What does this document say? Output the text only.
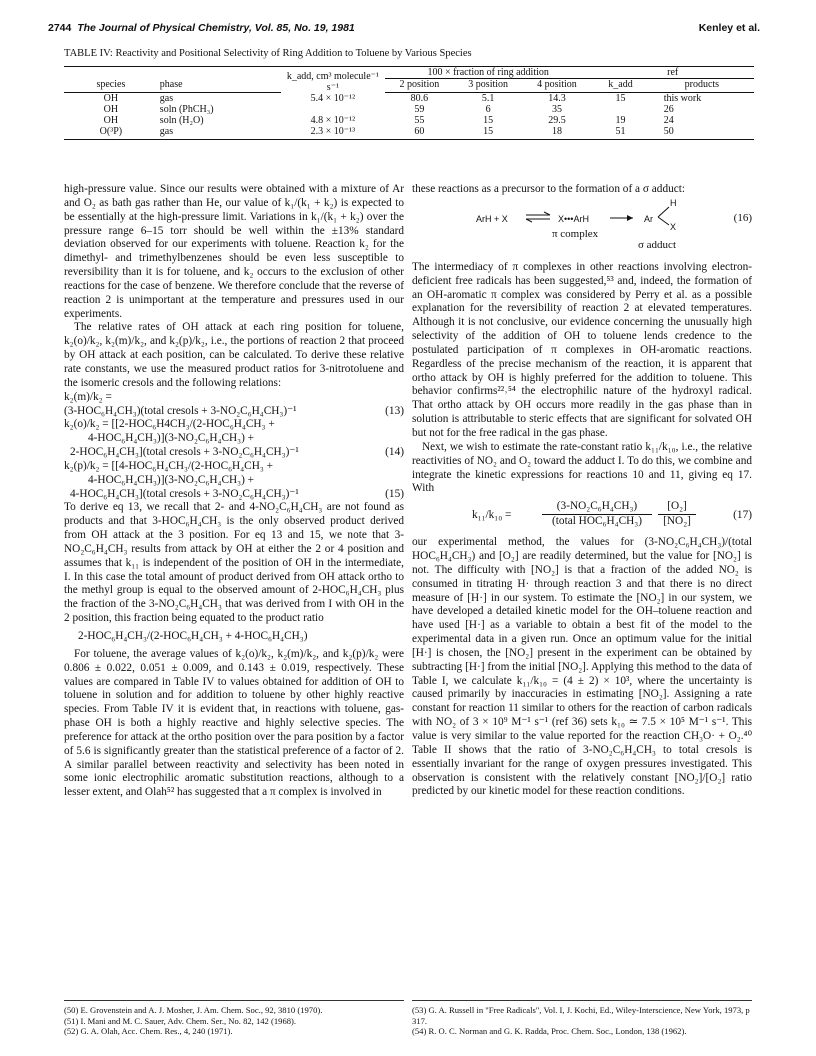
2744 The Journal of Physical Chemistry, Vol. 85, No. 19, 1981	Kenley et al.
TABLE IV: Reactivity and Positional Selectivity of Ring Addition to Toluene by Various Species
		k_add, cm³ molecule⁻¹ s⁻¹	100 × fraction of ring addition			ref	
species	phase		2 position	3 position	4 position	k_add	products
OH	gas	5.4 × 10⁻¹²	80.6	5.1	14.3	15	this work
OH	soln (PhCH₃)		59	6	35		26
OH	soln (H₂O)	4.8 × 10⁻¹²	55	15	29.5	19	24
O(³P)	gas	2.3 × 10⁻¹³	60	15	18	51	50

high-pressure value. Since our results were obtained with a mixture of Ar and O₂ as bath gas rather than He, our value of k₁/(k₁ + k₂) is expected to be essentially at the high-pressure limit. Variations in k₁/(k₁ + k₂) over the pressure range 6–15 torr should be well within the ±13% standard deviation observed for our experiments with toluene. Reaction k₂ for the dimethyl- and trimethylbenzenes should be even less susceptible to reversibility than it is for toluene, and k₂ occurs to the exclusion of other reactions for the case of benzene. We therefore conclude that the reverse of reaction 2 is unimportant at the temperature and pressures used in our experiments.

The relative rates of OH attack at each ring position for toluene, k₂(o)/k₂, k₂(m)/k₂, and k₂(p)/k₂, i.e., the portions of reaction 2 that proceed by OH attack at each position, can be calculated. To derive these relative rate constants, we use the measured product ratios for 3-nitrotoluene and the isomeric cresols and the following relations:

k₂(m)/k₂ =
(3-HOC₆H₄CH₃)(total cresols + 3-NO₂C₆H₄CH₃)⁻¹	(13)
k₂(o)/k₂ = [[2-HOC₆H4CH₃/(2-HOC₆H₄CH₃ +
4-HOC₆H₄CH₃)](3-NO₂C₆H₄CH₃) +
2-HOC₆H₄CH₃](total cresols + 3-NO₂C₆H₄CH₃)⁻¹	(14)
k₂(p)/k₂ = [[4-HOC₆H₄CH₃/(2-HOC₆H₄CH₃ +
4-HOC₆H₄CH₃)](3-NO₂C₆H₄CH₃) +
4-HOC₆H₄CH₃](total cresols + 3-NO₂C₆H₄CH₃)⁻¹	(15)

To derive eq 13, we recall that 2- and 4-NO₂C₆H₄CH₃ are not found as products and that 3-HOC₆H₄CH₃ is the only observed product derived from OH attack at the 3 position. For eq 13 and 15, we note that 3-NO₂C₆H₄CH₃ results from attack by OH at either the 2 or 4 position and assumes that k₁₁ is independent of the position of OH in the intermediate, I. In this case the total amount of product derived from OH attack ortho to the methyl group is equal to the observed amount of 2-HOC₆H₄CH₃ plus the fraction of the 3-NO₂C₆H₄CH₃ that was derived from I with OH in the 2 position, this fraction being equated to the product ratio

2-HOC₆H₄CH₃/(2-HOC₆H₄CH₃ + 4-HOC₆H₄CH₃)

For toluene, the average values of k₂(o)/k₂, k₂(m)/k₂, and k₂(p)/k₂ were 0.806 ± 0.022, 0.051 ± 0.009, and 0.143 ± 0.019, respectively. These values are compared in Table IV to values obtained for addition of OH to toluene in solution and for addition to toluene by other highly reactive species. From Table IV it is evident that, in reactions with toluene, gas-phase OH is both a highly reactive and highly selective species. The preference for attack at the ortho position over the para position by a factor of 5.6 is significantly greater than the statistical preference of a factor of 2. A similar parallel between reactivity and selectivity has been noted in some ionic electrophilic aromatic substitution reactions, although to a lesser extent, and Olah⁵² has suggested that a π complex is involved in

these reactions as a precursor to the formation of a σ adduct:

ArH + X ⇌ X•••ArH
π complex
Ar
H
X
σ adduct
(16)

The intermediacy of π complexes in other reactions involving electron-deficient free radicals has been suggested,⁵³ and, indeed, the formation of an OH-aromatic π complex was considered by Perry et al. as a possible explanation for the reversibility of reaction 2 at elevated temperatures. Although it is not conclusive, our evidence concerning the unusually high selectivity of the addition of OH to toluene lends credence to the postulated participation of π complexes in OH-aromatic reactions. Regardless of the precise mechanism of the reaction, it is apparent that ortho attack by OH is highly preferred for the addition to toluene. This behavior confirms²²˒⁵⁴ the electrophilic nature of the hydroxyl radical. That ortho attack by OH occurs more readily in the gas phase than in solution is attributable to steric effects that are significant for solvated OH but not for the free radical in the gas phase.

Next, we wish to estimate the rate-constant ratio k₁₁/k₁₀, i.e., the relative reactivities of NO₂ and O₂ toward the adduct I. To do this, we combine and integrate the kinetic expressions for reactions 10 and 11, giving eq 17. With

k₁₁/k₁₀ =
(3-NO₂C₆H₄CH₃)
(total HOC₆H₄CH₃)	$\frac{\text{[O₂]}}{\text{[NO₂]}}$	(17)

our experimental method, the values for (3-NO₂C₆H₄CH₃)/(total HOC₆H₄CH₃) and [O₂] are readily determined, but the value for [NO₂] is not. The difficulty with [NO₂] is that a fraction of the added NO₂ is consumed in titrating H· through reaction 3 and that there is no direct measure of [H·] in our system. To estimate the [NO₂] in our system, we have developed a detailed kinetic model for the OH–toluene reaction and have used [H·] as a variable to obtain a best fit of the model to the experimental data in a given run. Once an optimum value for the initial [H·] is chosen, the [NO₂] present in the experiment can be obtained by subtracting [H·] from the initial [NO₂]. Applying this method to the data of Table I, we calculate k₁₁/k₁₀ = (4 ± 2) × 10³, where the uncertainty is caused primarily by inaccuracies in estimating [NO₂]. Assigning a rate constant for reaction 11 similar to others for the reaction of carbon radicals with NO₂ of 3 × 10⁹ M⁻¹ s⁻¹ (ref 36) sets k₁₀ ≃ 7.5 × 10⁵ M⁻¹ s⁻¹. This value is very similar to the value reported for the reaction CH₃O· + O₂.⁴⁰ Table II shows that the ratio of 3-NO₂C₆H₄CH₃ to total cresols is essentially invariant for the range of oxygen pressures investigated. This observation is consistent with the relatively constant [NO₂]/[O₂] ratio predicted by our kinetic model for these reaction conditions.

(50) E. Grovenstein and A. J. Mosher, J. Am. Chem. Soc., 92, 3810 (1970).
(51) I. Mani and M. C. Sauer, Adv. Chem. Ser., No. 82, 142 (1968).
(52) G. A. Olah, Acc. Chem. Res., 4, 240 (1971).
(53) G. A. Russell in "Free Radicals", Vol. I, J. Kochi, Ed., Wiley-Interscience, New York, 1973, p 317.
(54) R. O. C. Norman and G. K. Radda, Proc. Chem. Soc., London, 138 (1962).
